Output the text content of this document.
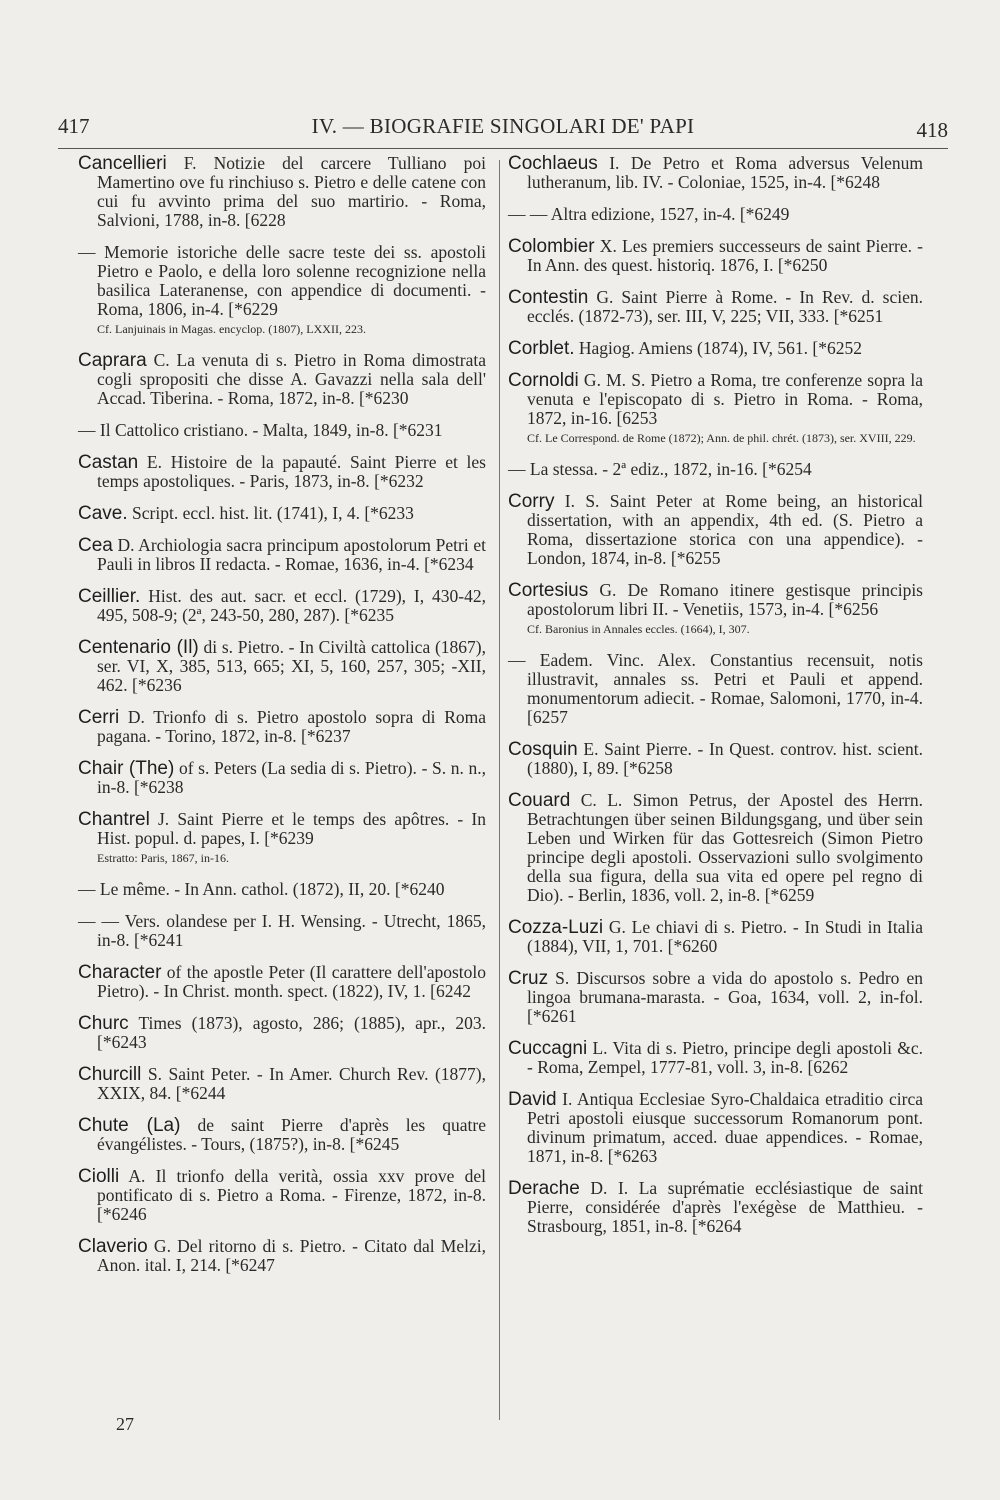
417	IV. — BIOGRAFIE SINGOLARI DE' PAPI	418
Cancellieri F. Notizie del carcere Tulliano poi Mamertino ove fu rinchiuso s. Pietro e delle catene con cui fu avvinto prima del suo martirio. - Roma, Salvioni, 1788, in-8. [6228
— Memorie istoriche delle sacre teste dei ss. apostoli Pietro e Paolo, e della loro solenne recognizione nella basilica Lateranense, con appendice di documenti. - Roma, 1806, in-4. [*6229
Cf. Lanjuinais in Magas. encyclop. (1807), LXXII, 223.
Caprara C. La venuta di s. Pietro in Roma dimostrata cogli spropositi che disse A. Gavazzi nella sala dell' Accad. Tiberina. - Roma, 1872, in-8. [*6230
— Il Cattolico cristiano. - Malta, 1849, in-8. [*6231
Castan E. Histoire de la papauté. Saint Pierre et les temps apostoliques. - Paris, 1873, in-8. [*6232
Cave. Script. eccl. hist. lit. (1741), I, 4. [*6233
Cea D. Archiologia sacra principum apostolorum Petri et Pauli in libros II redacta. - Romae, 1636, in-4. [*6234
Ceillier. Hist. des aut. sacr. et eccl. (1729), I, 430-42, 495, 508-9; (2ª, 243-50, 280, 287). [*6235
Centenario (Il) di s. Pietro. - In Civiltà cattolica (1867), ser. VI, X, 385, 513, 665; XI, 5, 160, 257, 305; -XII, 462. [*6236
Cerri D. Trionfo di s. Pietro apostolo sopra di Roma pagana. - Torino, 1872, in-8. [*6237
Chair (The) of s. Peters (La sedia di s. Pietro). - S. n. n., in-8. [*6238
Chantrel J. Saint Pierre et le temps des apôtres. - In Hist. popul. d. papes, I. [*6239
Estratto: Paris, 1867, in-16.
— Le même. - In Ann. cathol. (1872), II, 20. [*6240
— — Vers. olandese per I. H. Wensing. - Utrecht, 1865, in-8. [*6241
Character of the apostle Peter (Il carattere dell'apostolo Pietro). - In Christ. month. spect. (1822), IV, 1. [6242
Churc Times (1873), agosto, 286; (1885), apr., 203. [*6243
Churcill S. Saint Peter. - In Amer. Church Rev. (1877), XXIX, 84. [*6244
Chute (La) de saint Pierre d'après les quatre évangélistes. - Tours, (1875?), in-8. [*6245
Ciolli A. Il trionfo della verità, ossia xxv prove del pontificato di s. Pietro a Roma. - Firenze, 1872, in-8. [*6246
Claverio G. Del ritorno di s. Pietro. - Citato dal Melzi, Anon. ital. I, 214. [*6247
Cochlaeus I. De Petro et Roma adversus Velenum lutheranum, lib. IV. - Coloniae, 1525, in-4. [*6248
— — Altra edizione, 1527, in-4. [*6249
Colombier X. Les premiers successeurs de saint Pierre. - In Ann. des quest. historiq. 1876, I. [*6250
Contestin G. Saint Pierre à Rome. - In Rev. d. scien. ecclés. (1872-73), ser. III, V, 225; VII, 333. [*6251
Corblet. Hagiog. Amiens (1874), IV, 561. [*6252
Cornoldi G. M. S. Pietro a Roma, tre conferenze sopra la venuta e l'episcopato di s. Pietro in Roma. - Roma, 1872, in-16. [6253
Cf. Le Correspond. de Rome (1872); Ann. de phil. chrét. (1873), ser. XVIII, 229.
— La stessa. - 2ª ediz., 1872, in-16. [*6254
Corry I. S. Saint Peter at Rome being, an historical dissertation, with an appendix, 4th ed. (S. Pietro a Roma, dissertazione storica con una appendice). - London, 1874, in-8. [*6255
Cortesius G. De Romano itinere gestisque principis apostolorum libri II. - Venetiis, 1573, in-4. [*6256
Cf. Baronius in Annales eccles. (1664), I, 307.
— Eadem. Vinc. Alex. Constantius recensuit, notis illustravit, annales ss. Petri et Pauli et append. monumentorum adiecit. - Romae, Salomoni, 1770, in-4. [6257
Cosquin E. Saint Pierre. - In Quest. controv. hist. scient. (1880), I, 89. [*6258
Couard C. L. Simon Petrus, der Apostel des Herrn. Betrachtungen über seinen Bildungsgang, und über sein Leben und Wirken für das Gottesreich (Simon Pietro principe degli apostoli. Osservazioni sullo svolgimento della sua figura, della sua vita ed opere pel regno di Dio). - Berlin, 1836, voll. 2, in-8. [*6259
Cozza-Luzi G. Le chiavi di s. Pietro. - In Studi in Italia (1884), VII, 1, 701. [*6260
Cruz S. Discursos sobre a vida do apostolo s. Pedro en lingoa brumana-marasta. - Goa, 1634, voll. 2, in-fol. [*6261
Cuccagni L. Vita di s. Pietro, principe degli apostoli &c. - Roma, Zempel, 1777-81, voll. 3, in-8. [6262
David I. Antiqua Ecclesiae Syro-Chaldaica etraditio circa Petri apostoli eiusque successorum Romanorum pont. divinum primatum, acced. duae appendices. - Romae, 1871, in-8. [*6263
Derache D. I. La suprématie ecclésiastique de saint Pierre, considérée d'après l'exégèse de Matthieu. - Strasbourg, 1851, in-8. [*6264
27
